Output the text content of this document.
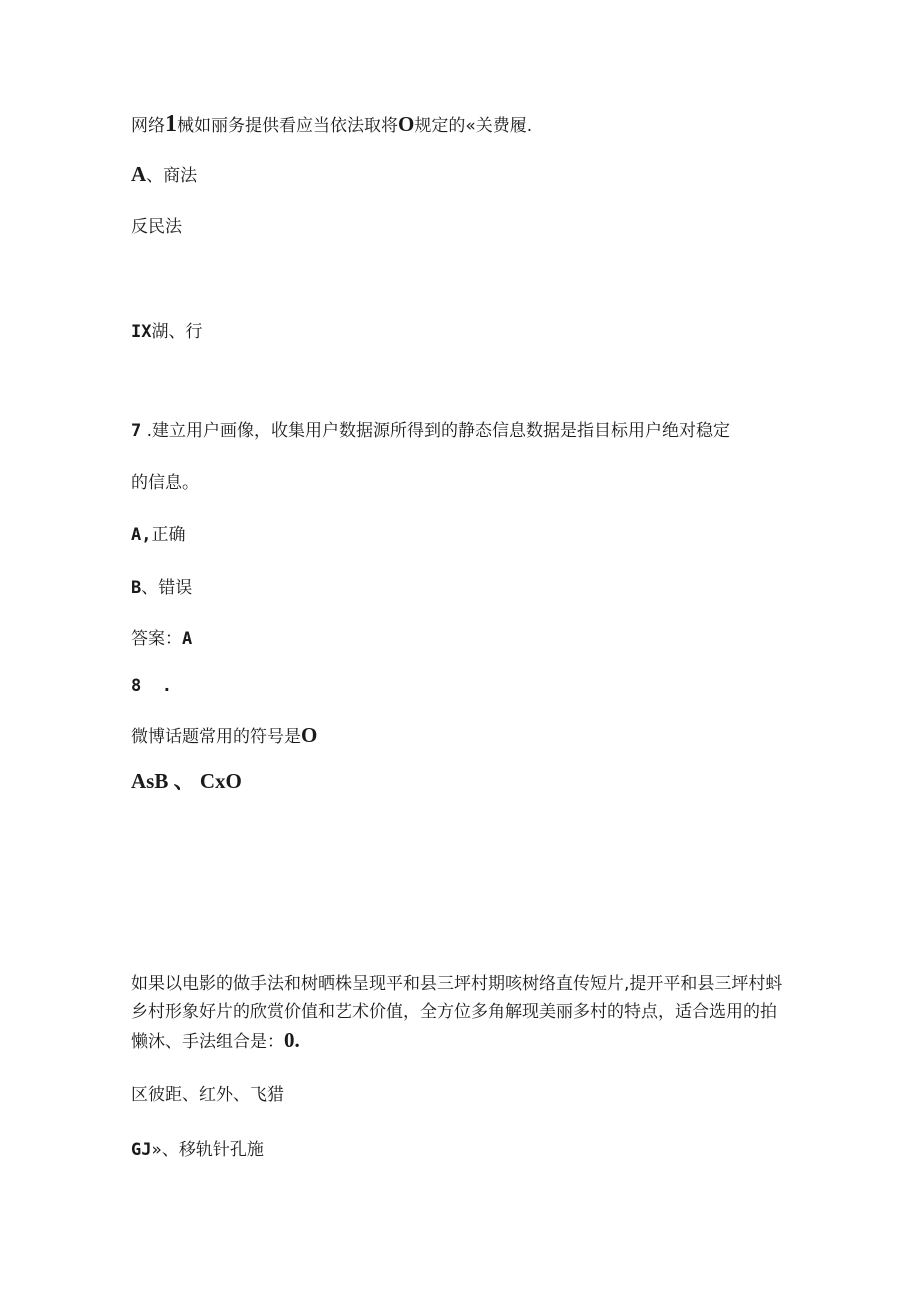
网络1械如丽务提供看应当依法取将O规定的«关费履.
A、商法
反民法
IX湖、行
7 .建立用户画像，收集用户数据源所得到的静态信息数据是指目标用户绝对稳定
的信息。
A,正确
B、错误
答案：A
8  .
微博话题常用的符号是O
AsB 、 CxO
如果以电影的做手法和树晒株呈现平和县三坪村期咳树络直传短片,提开平和县三坪村蚪
乡村形象好片的欣赏价值和艺术价值，全方位多角解现美丽多村的特点，适合选用的拍
懒沐、手法组合是：0.
区彼距、红外、飞猎
GJ»、移轨针孔施
